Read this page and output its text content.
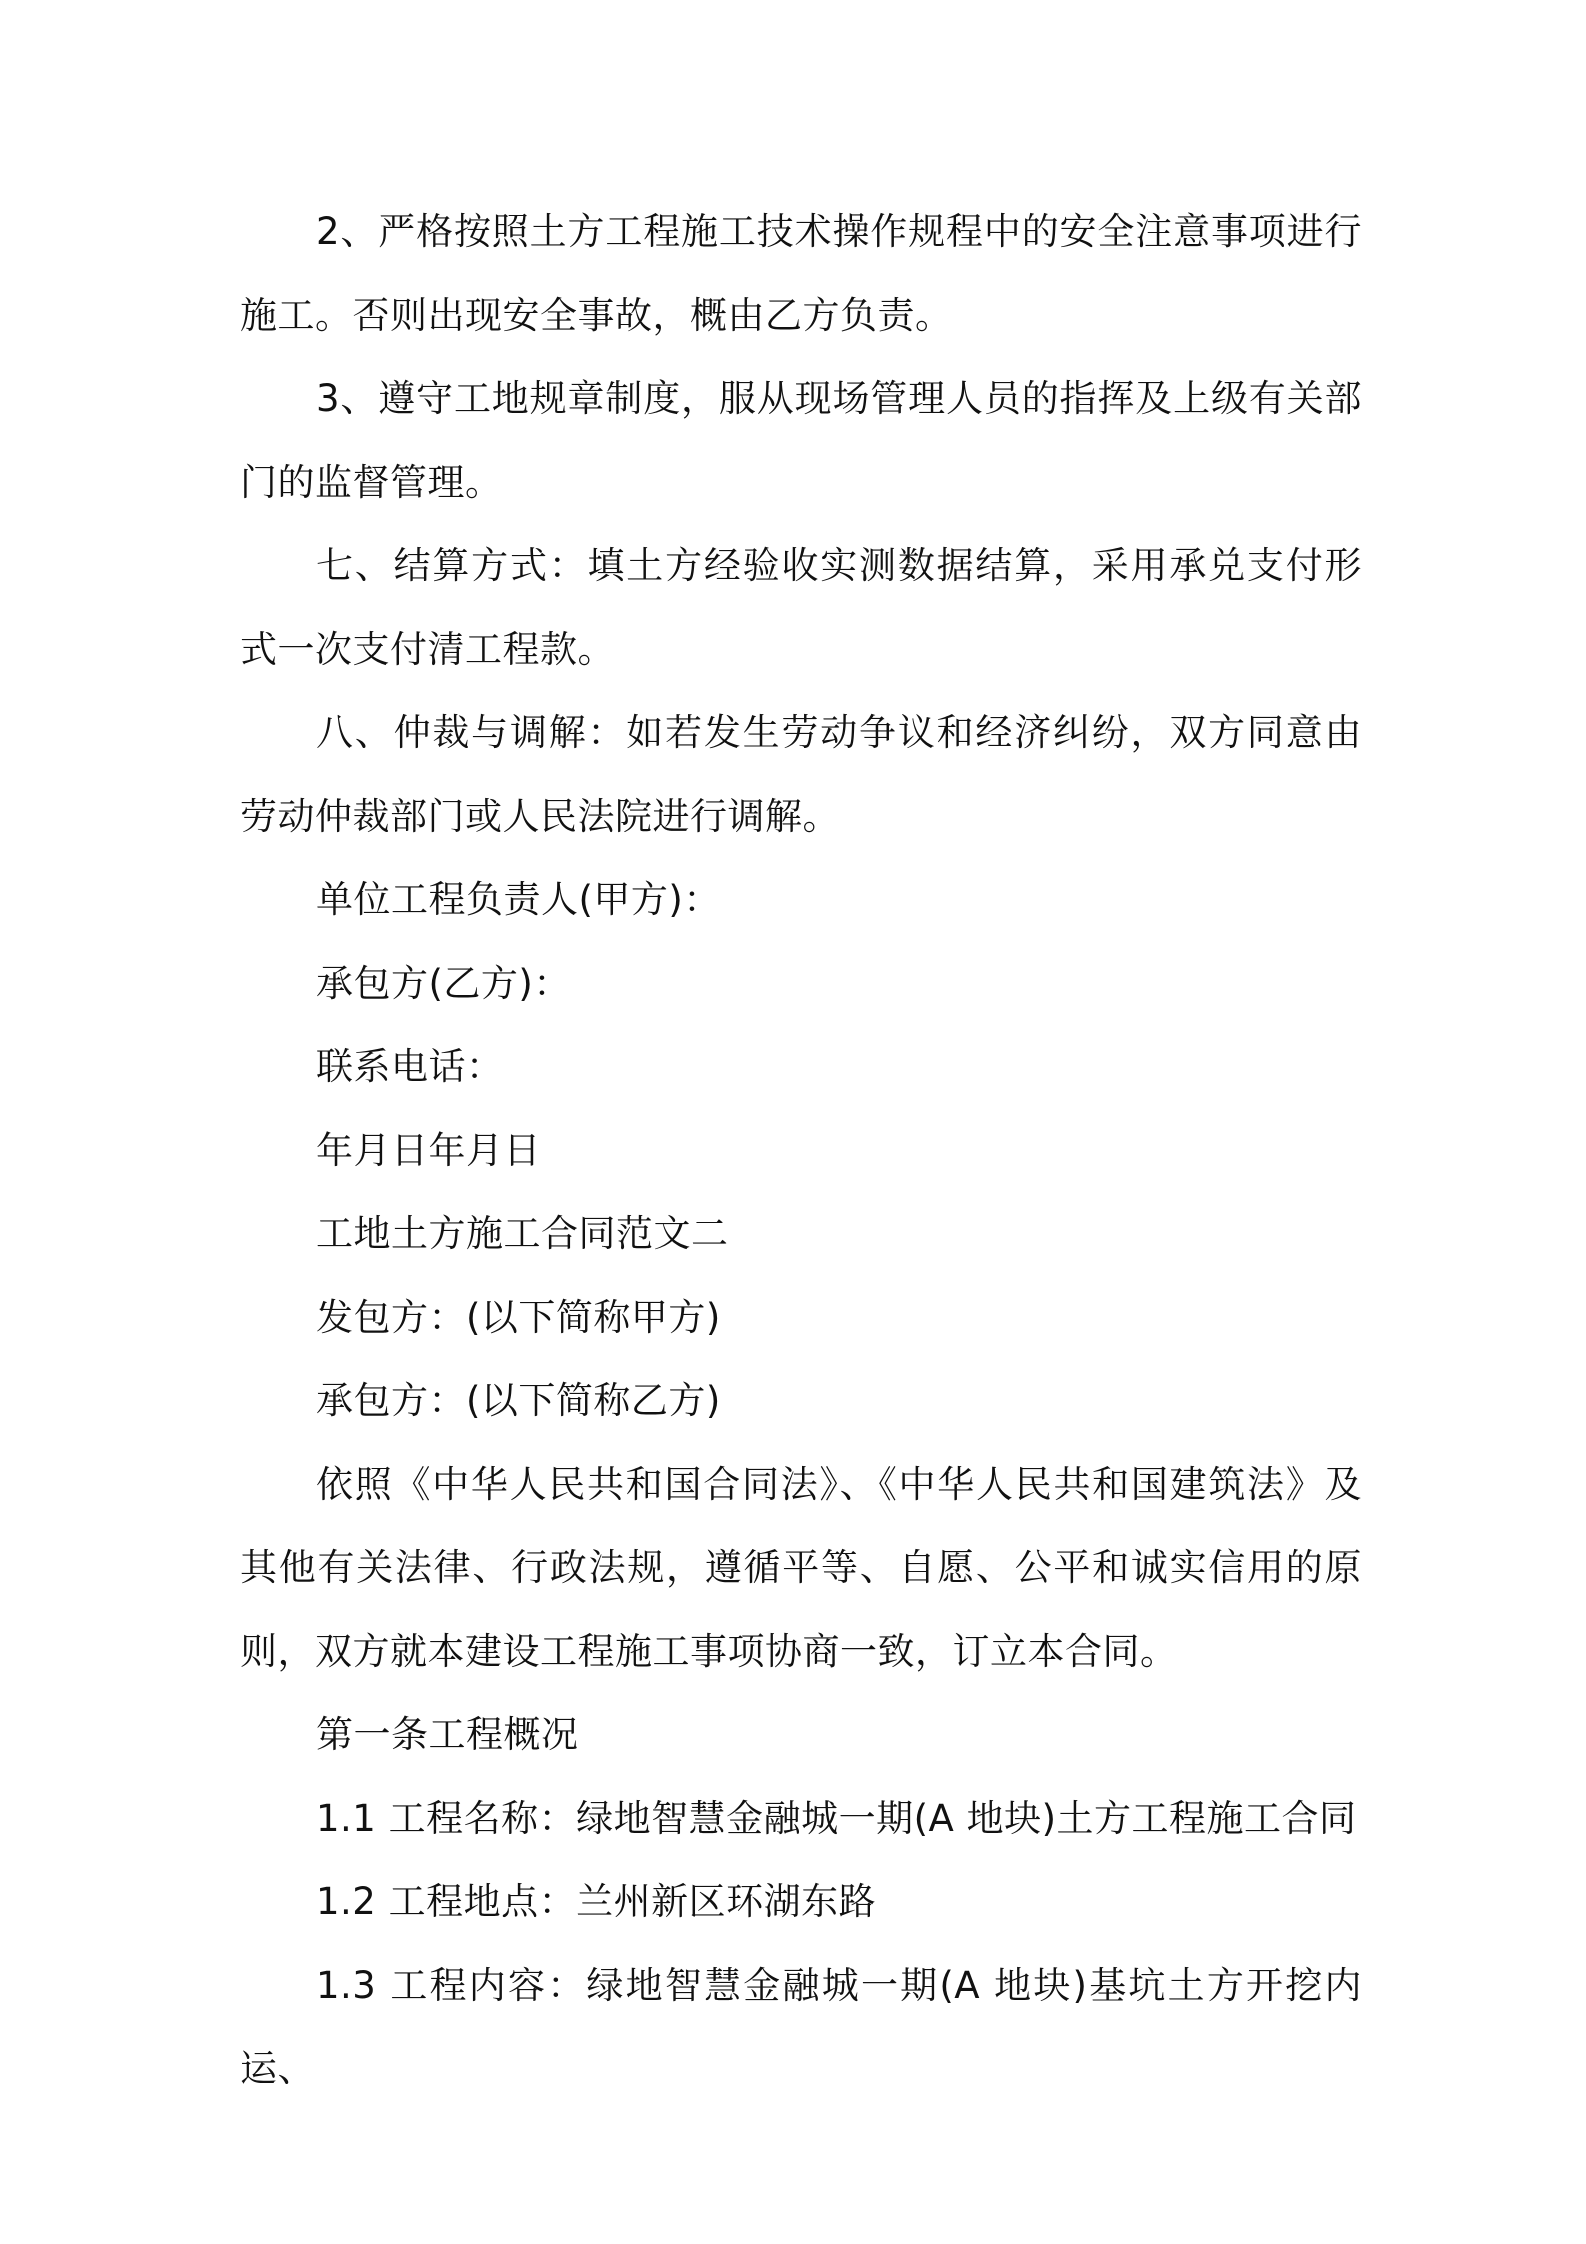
2、严格按照土方工程施工技术操作规程中的安全注意事项进行施工。否则出现安全事故，概由乙方负责。

3、遵守工地规章制度，服从现场管理人员的指挥及上级有关部门的监督管理。

七、结算方式：填土方经验收实测数据结算，采用承兑支付形式一次支付清工程款。

八、仲裁与调解：如若发生劳动争议和经济纠纷，双方同意由劳动仲裁部门或人民法院进行调解。

单位工程负责人(甲方)：

承包方(乙方)：

联系电话：

年月日年月日

工地土方施工合同范文二

发包方：(以下简称甲方)

承包方：(以下简称乙方)

依照《中华人民共和国合同法》、《中华人民共和国建筑法》及其他有关法律、行政法规，遵循平等、自愿、公平和诚实信用的原则，双方就本建设工程施工事项协商一致，订立本合同。

第一条工程概况

1.1 工程名称：绿地智慧金融城一期(A 地块)土方工程施工合同

1.2 工程地点：兰州新区环湖东路

1.3 工程内容：绿地智慧金融城一期(A 地块)基坑土方开挖内运、
